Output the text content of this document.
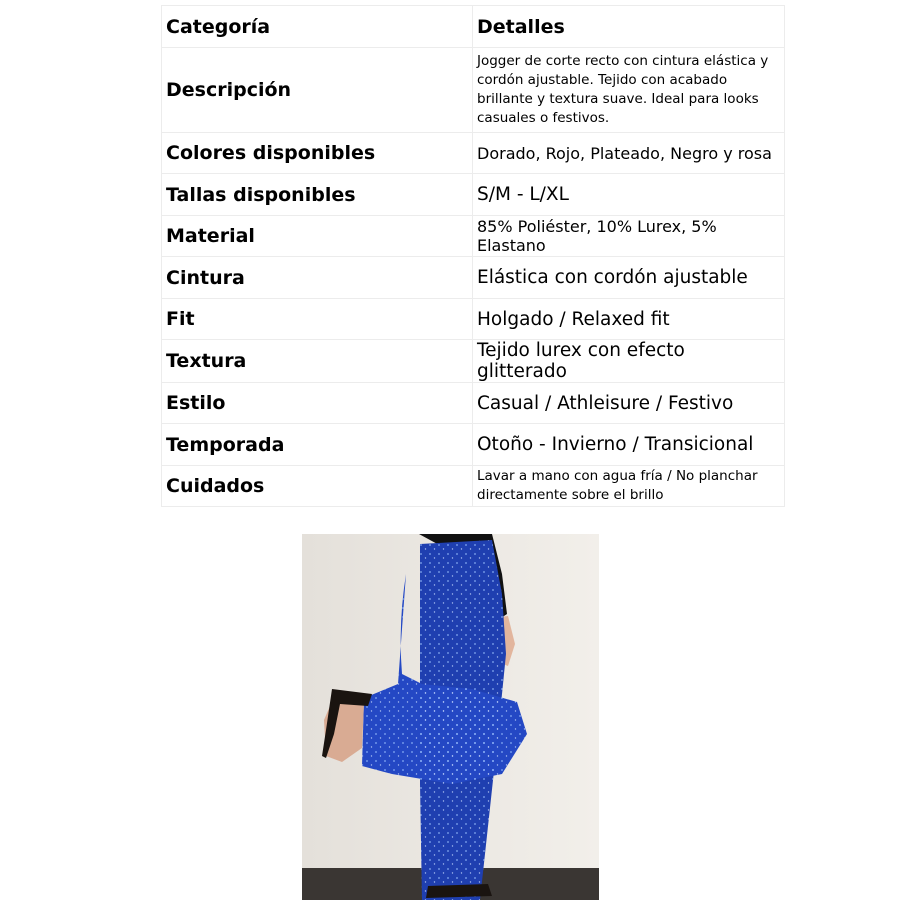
Categoría	Detalles
Descripción	Jogger de corte recto con cintura elástica y cordón ajustable. Tejido con acabado brillante y textura suave. Ideal para looks casuales o festivos.
Colores disponibles	Dorado, Rojo, Plateado, Negro y rosa
Tallas disponibles	S/M - L/XL
Material	85% Poliéster, 10% Lurex, 5% Elastano
Cintura	Elástica con cordón ajustable
Fit	Holgado / Relaxed fit
Textura	Tejido lurex con efecto glitterado
Estilo	Casual / Athleisure / Festivo
Temporada	Otoño - Invierno / Transicional
Cuidados	Lavar a mano con agua fría / No planchar directamente sobre el brillo
